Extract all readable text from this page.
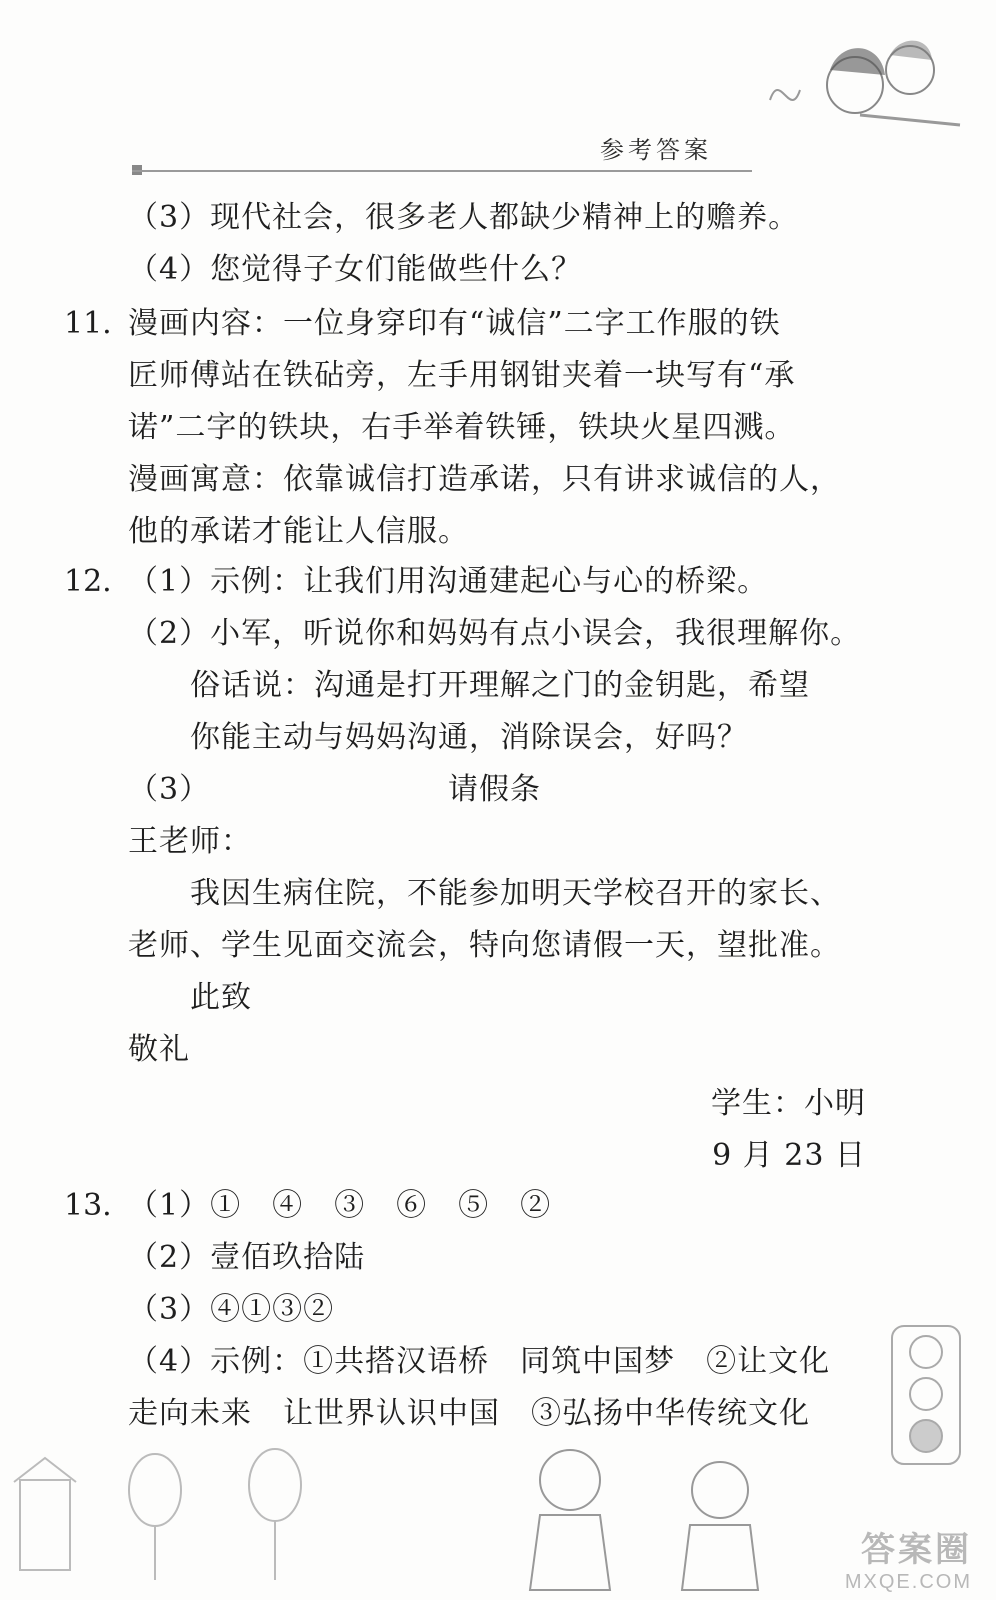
参考答案
（3）现代社会，很多老人都缺少精神上的赡养。
（4）您觉得子女们能做些什么？
11. 漫画内容：一位身穿印有“诚信”二字工作服的铁
匠师傅站在铁砧旁，左手用钢钳夹着一块写有“承
诺”二字的铁块，右手举着铁锤，铁块火星四溅。
漫画寓意：依靠诚信打造承诺，只有讲求诚信的人，
他的承诺才能让人信服。
12. （1）示例：让我们用沟通建起心与心的桥梁。
（2）小军，听说你和妈妈有点小误会，我很理解你。
俗话说：沟通是打开理解之门的金钥匙，希望
你能主动与妈妈沟通，消除误会，好吗？
（3）	请假条
王老师：
我因生病住院，不能参加明天学校召开的家长、
老师、学生见面交流会，特向您请假一天，望批准。
此致
敬礼
学生：小明
9 月 23 日
13. （1）①　④　③　⑥　⑤　②
（2）壹佰玖拾陆
（3）④①③②
（4）示例：①共搭汉语桥　同筑中国梦　②让文化
走向未来　让世界认识中国　③弘扬中华传统文化
答案圈
MXQE.COM
